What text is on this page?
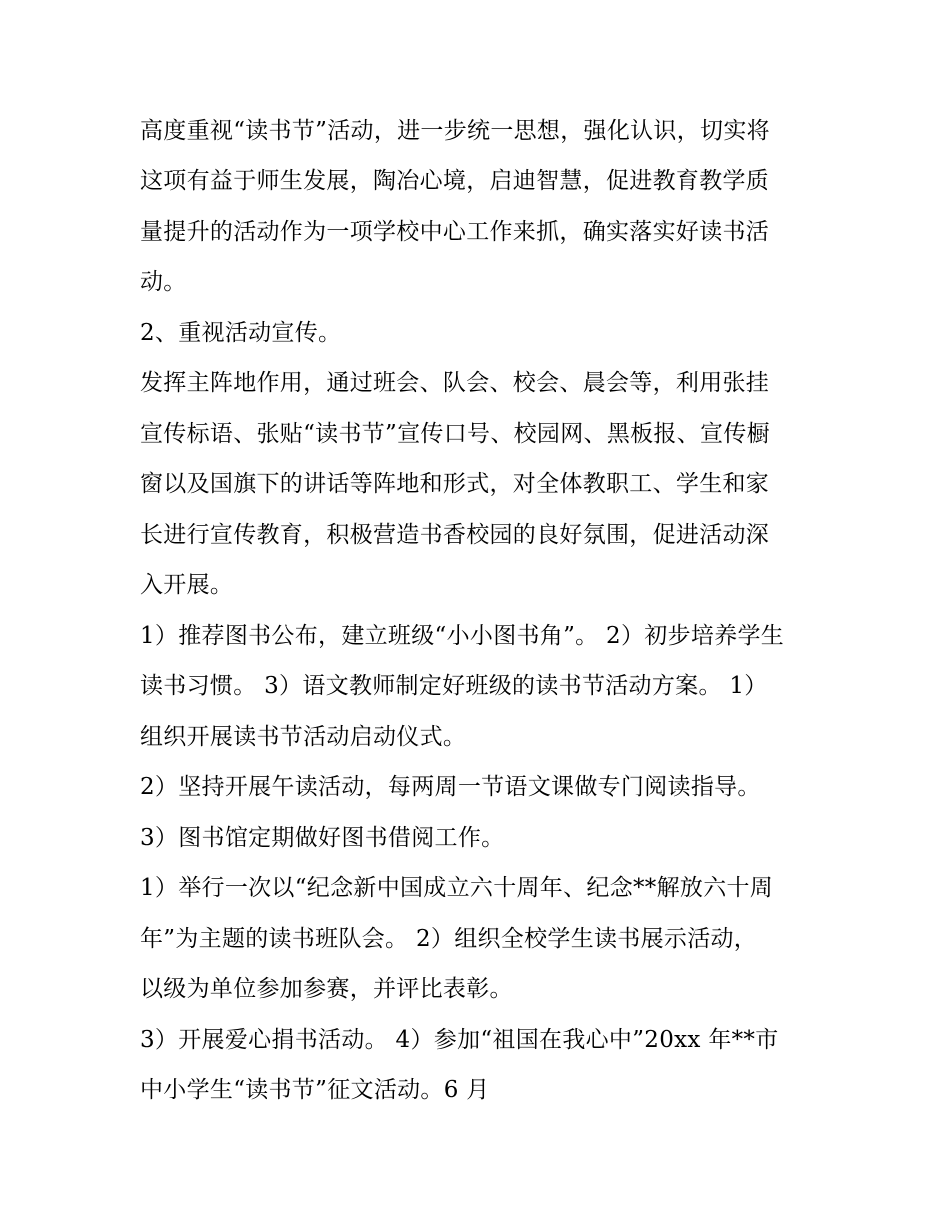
高度重视“读书节”活动，进一步统一思想，强化认识，切实将
这项有益于师生发展，陶冶心境，启迪智慧，促进教育教学质
量提升的活动作为一项学校中心工作来抓，确实落实好读书活
动。
2、重视活动宣传。
发挥主阵地作用，通过班会、队会、校会、晨会等，利用张挂
宣传标语、张贴“读书节”宣传口号、校园网、黑板报、宣传橱
窗以及国旗下的讲话等阵地和形式，对全体教职工、学生和家
长进行宣传教育，积极营造书香校园的良好氛围，促进活动深
入开展。
1）推荐图书公布，建立班级“小小图书角”。 2）初步培养学生
读书习惯。 3）语文教师制定好班级的读书节活动方案。 1）
组织开展读书节活动启动仪式。
2）坚持开展午读活动，每两周一节语文课做专门阅读指导。
3）图书馆定期做好图书借阅工作。
1）举行一次以“纪念新中国成立六十周年、纪念**解放六十周
年”为主题的读书班队会。 2）组织全校学生读书展示活动，
以级为单位参加参赛，并评比表彰。
3）开展爱心捐书活动。 4）参加“祖国在我心中”20xx 年**市
中小学生“读书节”征文活动。6 月
